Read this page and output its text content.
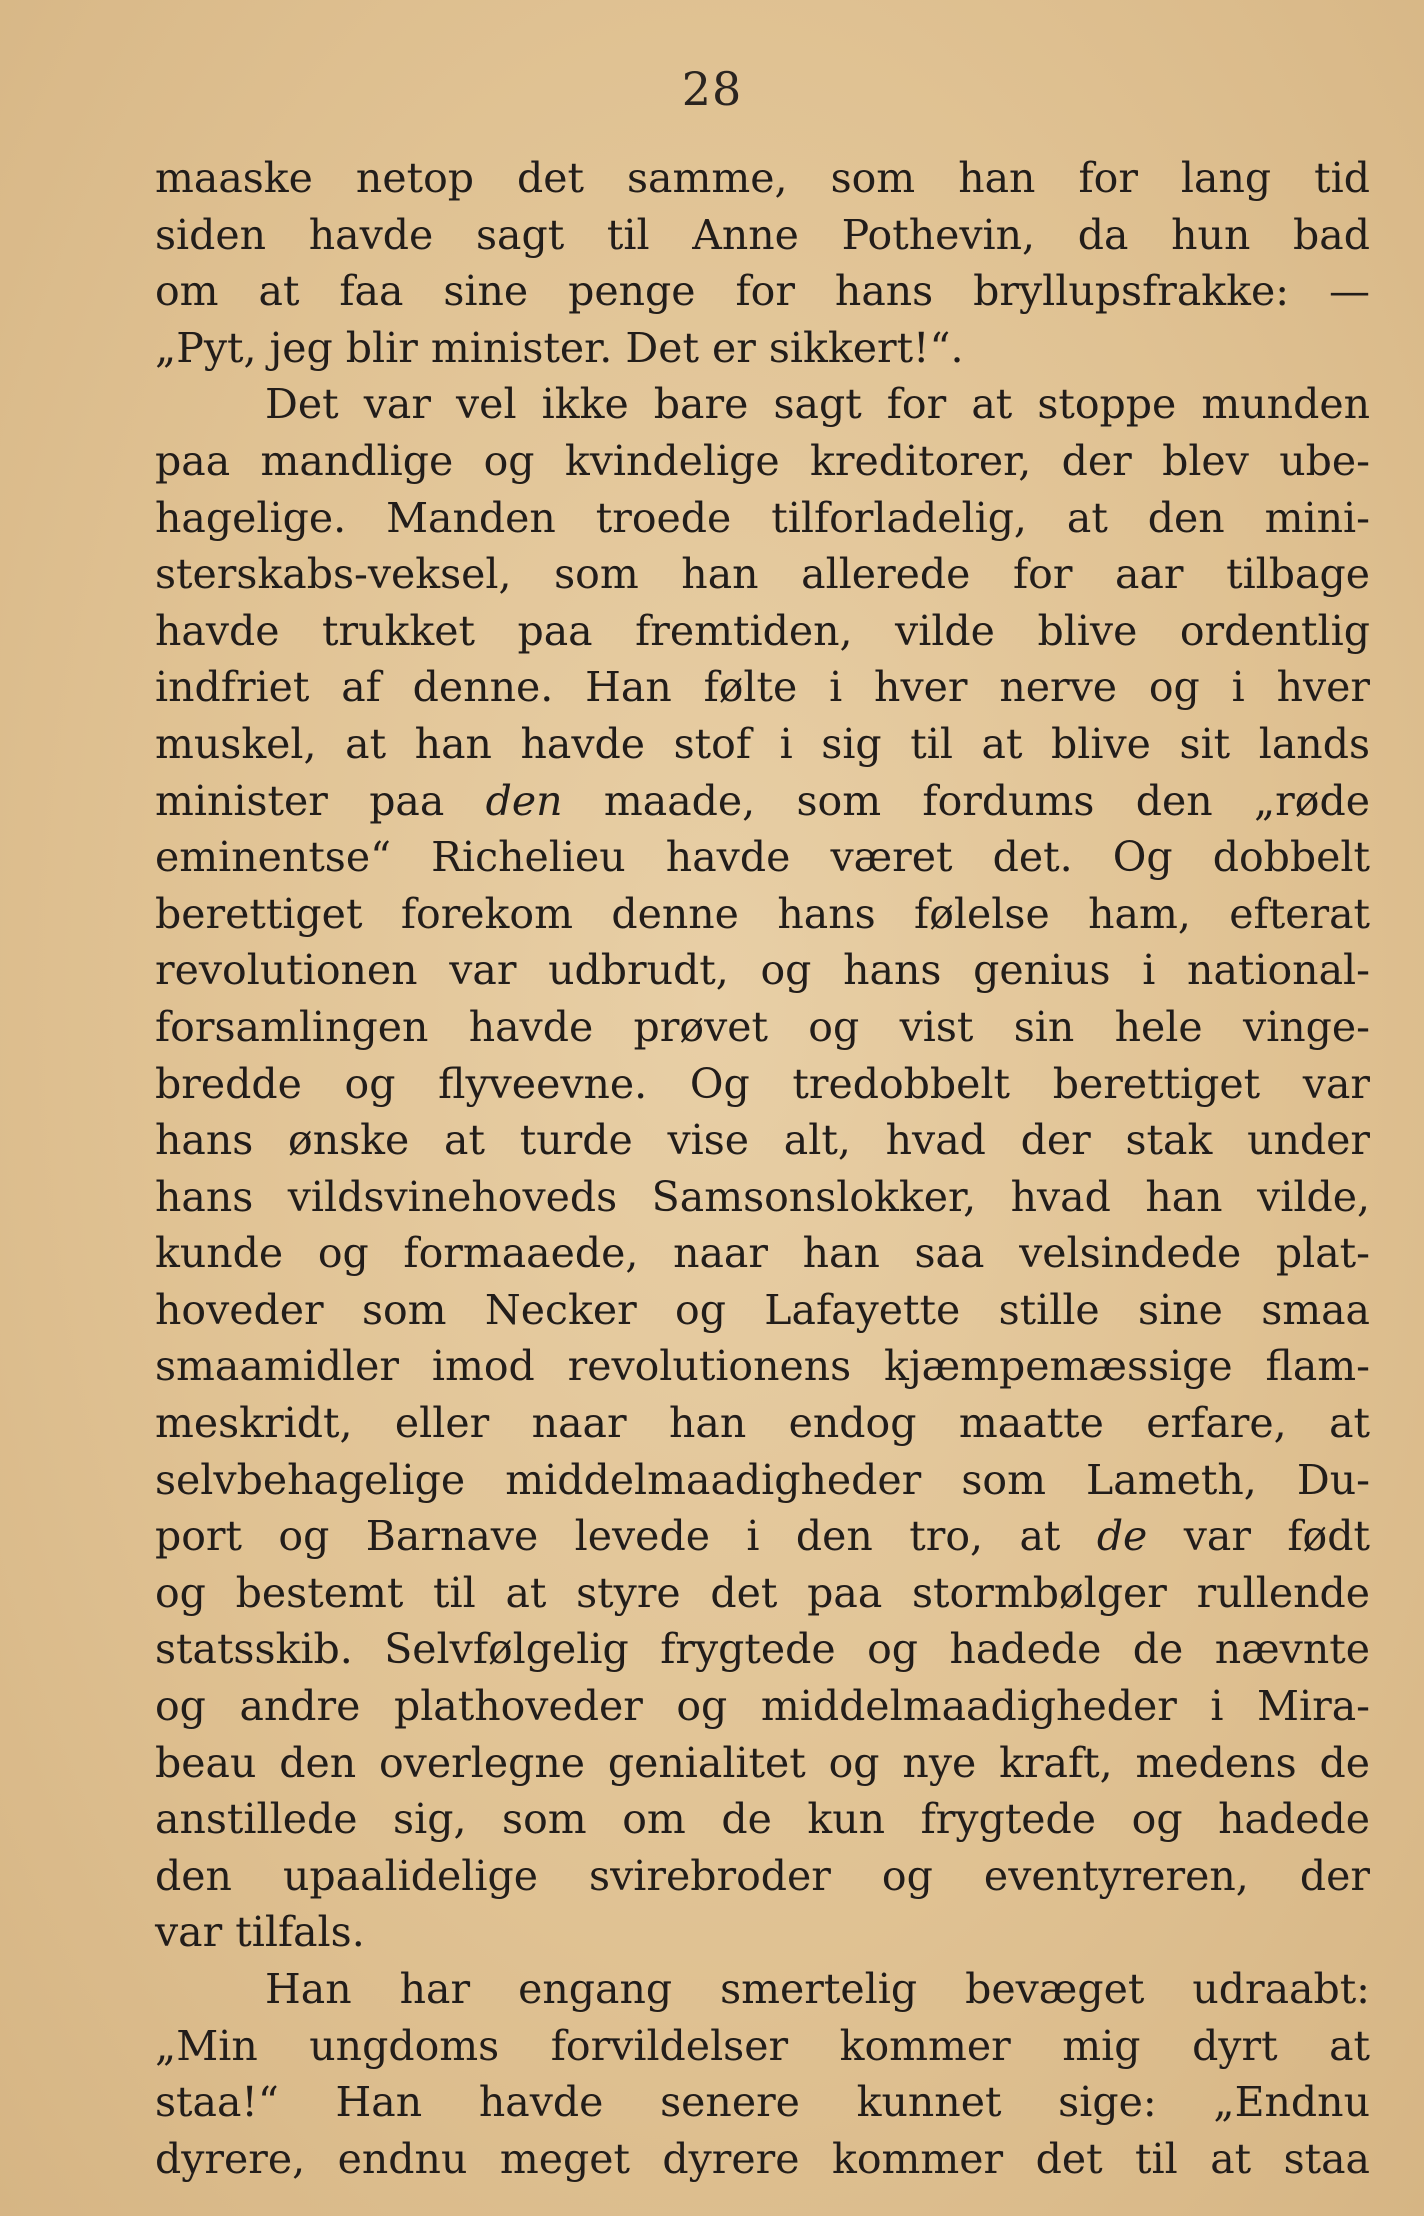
28
maaske netop det samme, som han for lang tid
siden havde sagt til Anne Pothevin, da hun bad
om at faa sine penge for hans bryllupsfrakke: —
„Pyt, jeg blir minister. Det er sikkert!“.
Det var vel ikke bare sagt for at stoppe munden
paa mandlige og kvindelige kreditorer, der blev ube-
hagelige. Manden troede tilforladelig, at den mini-
sterskabs-veksel, som han allerede for aar tilbage
havde trukket paa fremtiden, vilde blive ordentlig
indfriet af denne. Han følte i hver nerve og i hver
muskel, at han havde stof i sig til at blive sit lands
minister paa den maade, som fordums den „røde
eminentse“ Richelieu havde været det. Og dobbelt
berettiget forekom denne hans følelse ham, efterat
revolutionen var udbrudt, og hans genius i national-
forsamlingen havde prøvet og vist sin hele vinge-
bredde og flyveevne. Og tredobbelt berettiget var
hans ønske at turde vise alt, hvad der stak under
hans vildsvinehoveds Samsonslokker, hvad han vilde,
kunde og formaaede, naar han saa velsindede plat-
hoveder som Necker og Lafayette stille sine smaa
smaamidler imod revolutionens kjæmpemæssige flam-
meskridt, eller naar han endog maatte erfare, at
selvbehagelige middelmaadigheder som Lameth, Du-
port og Barnave levede i den tro, at de var født
og bestemt til at styre det paa stormbølger rullende
statsskib. Selvfølgelig frygtede og hadede de nævnte
og andre plathoveder og middelmaadigheder i Mira-
beau den overlegne genialitet og nye kraft, medens de
anstillede sig, som om de kun frygtede og hadede
den upaalidelige svirebroder og eventyreren, der
var tilfals.
Han har engang smertelig bevæget udraabt:
„Min ungdoms forvildelser kommer mig dyrt at
staa!“ Han havde senere kunnet sige: „Endnu
dyrere, endnu meget dyrere kommer det til at staa
